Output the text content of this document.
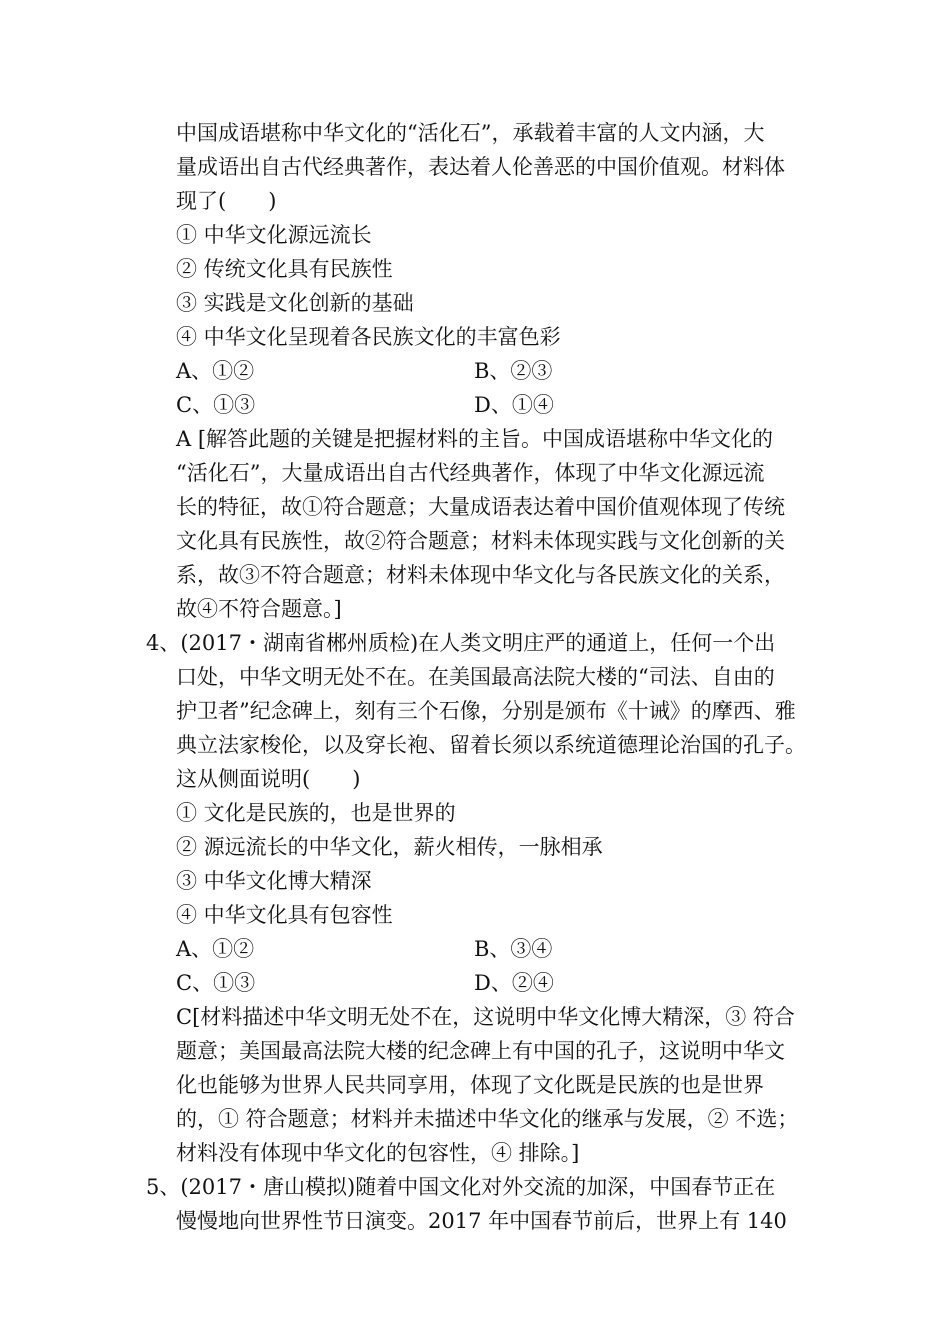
中国成语堪称中华文化的“活化石”，承载着丰富的人文内涵，大
量成语出自古代经典著作，表达着人伦善恶的中国价值观。材料体
现了(　　)
① 中华文化源远流长
② 传统文化具有民族性
③ 实践是文化创新的基础
④ 中华文化呈现着各民族文化的丰富色彩
A、①②	B、②③
C、①③	D、①④
A [解答此题的关键是把握材料的主旨。中国成语堪称中华文化的
“活化石”，大量成语出自古代经典著作，体现了中华文化源远流
长的特征，故①符合题意；大量成语表达着中国价值观体现了传统
文化具有民族性，故②符合题意；材料未体现实践与文化创新的关
系，故③不符合题意；材料未体现中华文化与各民族文化的关系，
故④不符合题意。]
4、(2017・湖南省郴州质检)在人类文明庄严的通道上，任何一个出
口处，中华文明无处不在。在美国最高法院大楼的“司法、自由的
护卫者”纪念碑上，刻有三个石像，分别是颁布《十诫》的摩西、雅
典立法家梭伦，以及穿长袍、留着长须以系统道德理论治国的孔子。
这从侧面说明(　　)
① 文化是民族的，也是世界的
② 源远流长的中华文化，薪火相传，一脉相承
③ 中华文化博大精深
④ 中华文化具有包容性
A、①②	B、③④
C、①③	D、②④
C[材料描述中华文明无处不在，这说明中华文化博大精深，③ 符合
题意；美国最高法院大楼的纪念碑上有中国的孔子，这说明中华文
化也能够为世界人民共同享用，体现了文化既是民族的也是世界
的，① 符合题意；材料并未描述中华文化的继承与发展，② 不选；
材料没有体现中华文化的包容性，④ 排除。]
5、(2017・唐山模拟)随着中国文化对外交流的加深，中国春节正在
慢慢地向世界性节日演变。2017 年中国春节前后，世界上有 140
